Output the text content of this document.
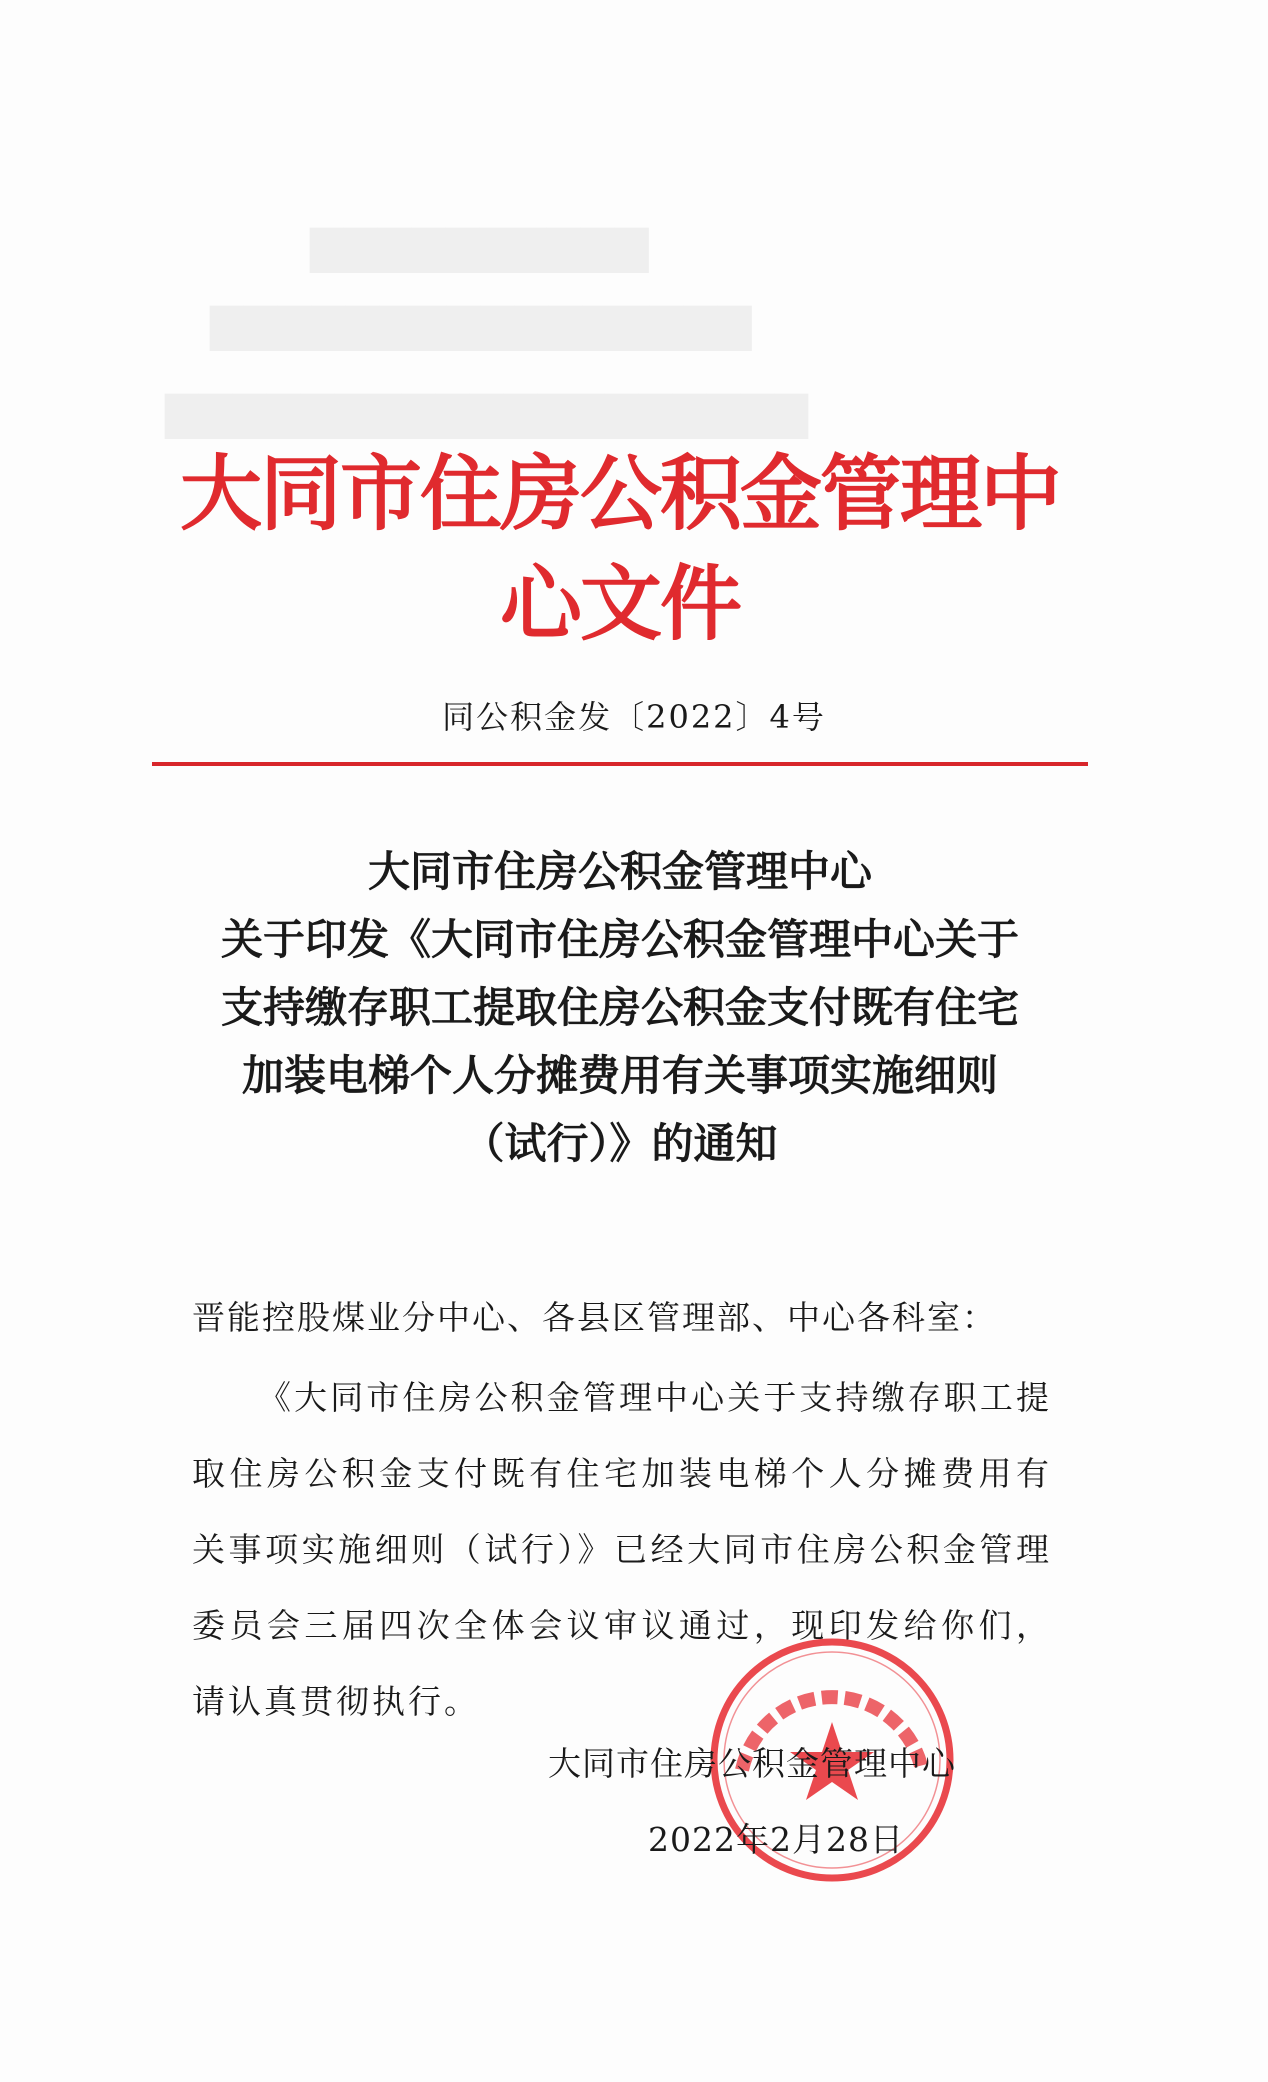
▇▇▇▇▇▇▇▇▇▇
▇▇▇▇▇▇▇▇▇▇▇▇▇▇▇▇
▇▇▇▇▇▇▇▇▇▇▇▇▇▇▇▇▇▇▇
大同市住房公积金管理中心文件
同公积金发〔2022〕4号
大同市住房公积金管理中心
关于印发《大同市住房公积金管理中心关于
支持缴存职工提取住房公积金支付既有住宅
加装电梯个人分摊费用有关事项实施细则
（试行）》的通知
晋能控股煤业分中心、各县区管理部、中心各科室：
《大同市住房公积金管理中心关于支持缴存职工提取住房公积金支付既有住宅加装电梯个人分摊费用有关事项实施细则（试行）》已经大同市住房公积金管理委员会三届四次全体会议审议通过，现印发给你们，请认真贯彻执行。
大同市住房公积金管理中心
2022年2月28日
